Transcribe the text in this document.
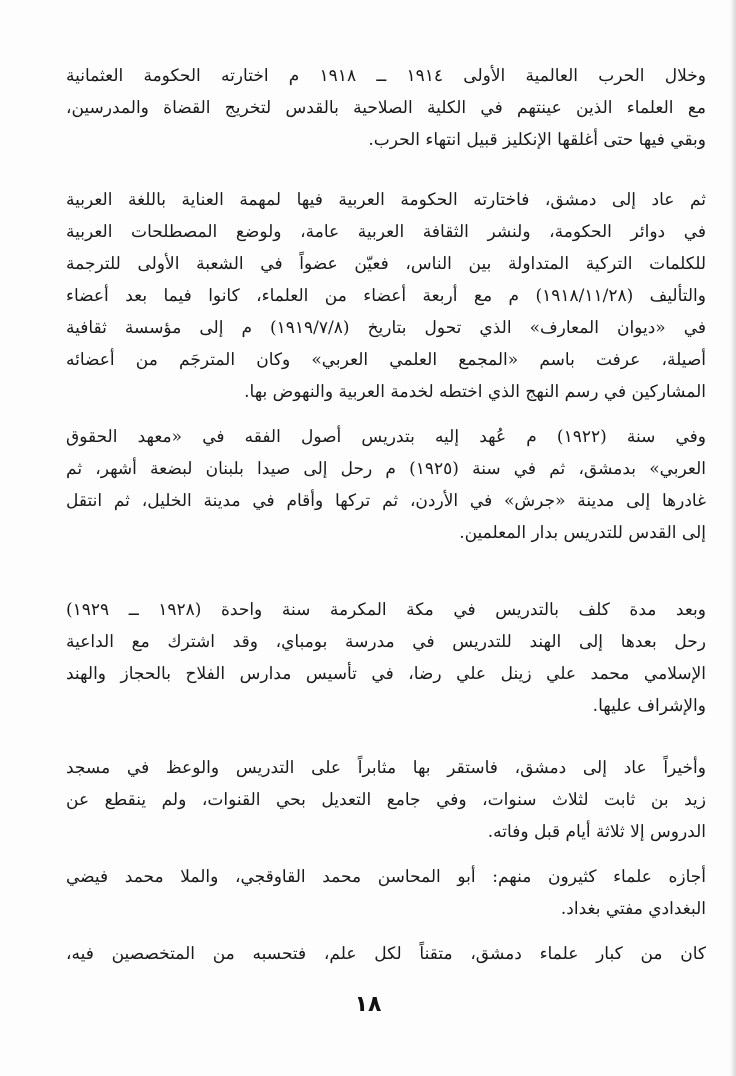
وخلال الحرب العالمية الأولى ١٩١٤ ــ ١٩١٨ م اختارته الحكومة العثمانية
مع العلماء الذين عينتهم في الكلية الصلاحية بالقدس لتخريج القضاة والمدرسين،
وبقي فيها حتى أغلقها الإنكليز قبيل انتهاء الحرب.
ثم عاد إلى دمشق، فاختارته الحكومة العربية فيها لمهمة العناية باللغة العربية
في دوائر الحكومة، ولنشر الثقافة العربية عامة، ولوضع المصطلحات العربية
للكلمات التركية المتداولة بين الناس، فعيّن عضواً في الشعبة الأولى للترجمة
والتأليف (١٩١٨/١١/٢٨) م مع أربعة أعضاء من العلماء، كانوا فيما بعد أعضاء
في «ديوان المعارف» الذي تحول بتاريخ (١٩١٩/٧/٨) م إلى مؤسسة ثقافية
أصيلة، عرفت باسم «المجمع العلمي العربي» وكان المترجَم من أعضائه
المشاركين في رسم النهج الذي اختطه لخدمة العربية والنهوض بها.
وفي سنة (١٩٢٢) م عُهد إليه بتدريس أصول الفقه في «معهد الحقوق
العربي» بدمشق، ثم في سنة (١٩٢٥) م رحل إلى صيدا بلبنان لبضعة أشهر، ثم
غادرها إلى مدينة «جرش» في الأردن، ثم تركها وأقام في مدينة الخليل، ثم انتقل
إلى القدس للتدريس بدار المعلمين.
وبعد مدة كلف بالتدريس في مكة المكرمة سنة واحدة (١٩٢٨ ــ ١٩٢٩)
رحل بعدها إلى الهند للتدريس في مدرسة بومباي، وقد اشترك مع الداعية
الإسلامي محمد علي زينل علي رضا، في تأسيس مدارس الفلاح بالحجاز والهند
والإشراف عليها.
وأخيراً عاد إلى دمشق، فاستقر بها مثابراً على التدريس والوعظ في مسجد
زيد بن ثابت لثلاث سنوات، وفي جامع التعديل بحي القنوات، ولم ينقطع عن
الدروس إلا ثلاثة أيام قبل وفاته.
أجازه علماء كثيرون منهم: أبو المحاسن محمد القاوقجي، والملا محمد فيضي
البغدادي مفتي بغداد.
كان من كبار علماء دمشق، متقناً لكل علم، فتحسبه من المتخصصين فيه،
١٨
